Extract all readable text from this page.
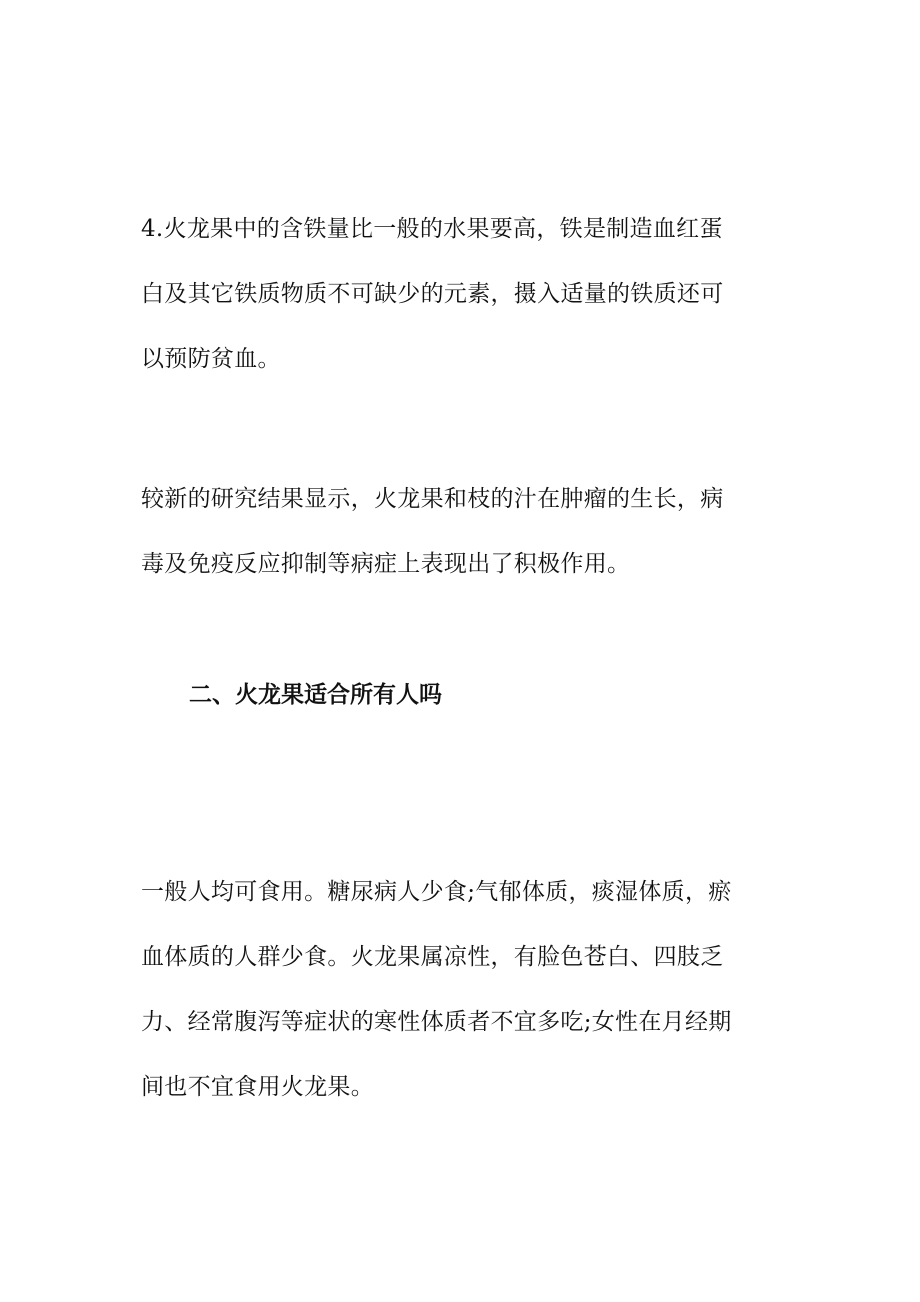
4.火龙果中的含铁量比一般的水果要高，铁是制造血红蛋
白及其它铁质物质不可缺少的元素，摄入适量的铁质还可
以预防贫血。

较新的研究结果显示，火龙果和枝的汁在肿瘤的生长，病
毒及免疫反应抑制等病症上表现出了积极作用。

二、火龙果适合所有人吗

一般人均可食用。糖尿病人少食;气郁体质，痰湿体质，瘀
血体质的人群少食。火龙果属凉性，有脸色苍白、四肢乏
力、经常腹泻等症状的寒性体质者不宜多吃;女性在月经期
间也不宜食用火龙果。
